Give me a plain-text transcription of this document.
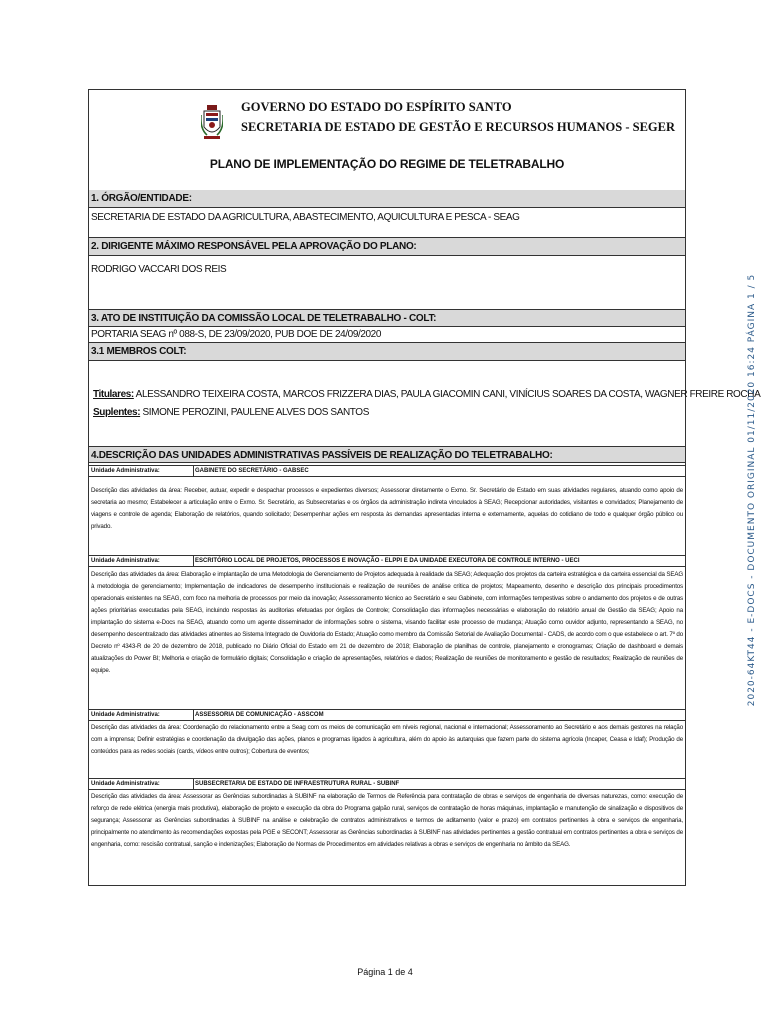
GOVERNO DO ESTADO DO ESPÍRITO SANTO
SECRETARIA DE ESTADO DE GESTÃO E RECURSOS HUMANOS - SEGER
PLANO DE IMPLEMENTAÇÃO DO REGIME DE TELETRABALHO
1. ÓRGÃO/ENTIDADE:
SECRETARIA DE ESTADO DA AGRICULTURA, ABASTECIMENTO, AQUICULTURA E PESCA - SEAG
2. DIRIGENTE MÁXIMO RESPONSÁVEL PELA APROVAÇÃO DO PLANO:
RODRIGO VACCARI DOS REIS
3. ATO DE INSTITUIÇÃO DA COMISSÃO LOCAL DE TELETRABALHO - COLT:
PORTARIA SEAG nº 088-S, DE 23/09/2020, PUB DOE DE 24/09/2020
3.1 MEMBROS COLT:
Titulares: ALESSANDRO TEIXEIRA COSTA, MARCOS FRIZZERA DIAS, PAULA GIACOMIN CANI, VINÍCIUS SOARES DA COSTA, WAGNER FREIRE ROCHA
Suplentes: SIMONE PEROZINI, PAULENE ALVES DOS SANTOS
4.DESCRIÇÃO DAS UNIDADES ADMINISTRATIVAS PASSÍVEIS DE REALIZAÇÃO DO TELETRABALHO:
Unidade Administrativa:	GABINETE DO SECRETÁRIO - GABSEC
Descrição das atividades da área: Receber, autuar, expedir e despachar processos e expedientes diversos; Assessorar diretamente o Exmo. Sr. Secretário de Estado em suas atividades regulares, atuando como apoio de secretaria ao mesmo; Estabelecer a articulação entre o Exmo. Sr. Secretário, as Subsecretarias e os órgãos da administração indireta vinculados à SEAG; Recepcionar autoridades, visitantes e convidados; Planejamento de viagens e controle de agenda; Elaboração de relatórios, quando solicitado; Desempenhar ações em resposta às demandas apresentadas interna e externamente, aquelas do cotidiano de todo e qualquer órgão público ou privado.
Unidade Administrativa:	ESCRITÓRIO LOCAL DE PROJETOS, PROCESSOS E INOVAÇÃO - ELPPI E DA UNIDADE EXECUTORA DE CONTROLE INTERNO - UECI
Descrição das atividades da área: Elaboração e implantação de uma Metodologia de Gerenciamento de Projetos adequada à realidade da SEAG; Adequação dos projetos da carteira estratégica e da carteira essencial da SEAG à metodologia de gerenciamento; Implementação de indicadores de desempenho institucionais e realização de reuniões de análise crítica de projetos; Mapeamento, desenho e descrição dos principais procedimentos operacionais existentes na SEAG, com foco na melhoria de processos por meio da inovação; Assessoramento técnico ao Secretário e seu Gabinete, com informações tempestivas sobre o andamento dos projetos e de outras ações prioritárias executadas pela SEAG, incluindo respostas às auditorias efetuadas por órgãos de Controle; Consolidação das informações necessárias e elaboração do relatório anual de Gestão da SEAG; Apoio na implantação do sistema e-Docs na SEAG, atuando como um agente disseminador de informações sobre o sistema, visando facilitar este processo de mudança; Atuação como ouvidor adjunto, representando a SEAG, no desempenho descentralizado das atividades atinentes ao Sistema Integrado de Ouvidoria do Estado; Atuação como membro da Comissão Setorial de Avaliação Documental - CADS, de acordo com o que estabelece o art. 7º do Decreto nº 4343-R de 20 de dezembro de 2018, publicado no Diário Oficial do Estado em 21 de dezembro de 2018; Elaboração de planilhas de controle, planejamento e cronogramas; Criação de dashboard e demais atualizações do Power BI; Melhoria e criação de formulário digitais; Consolidação e criação de apresentações, relatórios e dados; Realização de reuniões de monitoramento e gestão de resultados; Realização de reuniões de equipe.
Unidade Administrativa:	ASSESSORIA DE COMUNICAÇÃO - ASSCOM
Descrição das atividades da área: Coordenação do relacionamento entre a Seag com os meios de comunicação em níveis regional, nacional e internacional; Assessoramento ao Secretário e aos demais gestores na relação com a imprensa; Definir estratégias e coordenação da divulgação das ações, planos e programas ligados à agricultura, além do apoio às autarquias que fazem parte do sistema agrícola (Incaper, Ceasa e Idaf); Produção de conteúdos para as redes sociais (cards, vídeos entre outros); Cobertura de eventos;
Unidade Administrativa:	SUBSECRETARIA DE ESTADO DE INFRAESTRUTURA RURAL - SUBINF
Descrição das atividades da área: Assessorar as Gerências subordinadas à SUBINF na elaboração de Termos de Referência para contratação de obras e serviços de engenharia de diversas naturezas, como: execução de reforço de rede elétrica (energia mais produtiva), elaboração de projeto e execução da obra do Programa galpão rural, serviços de contratação de horas máquinas, implantação e manutenção de sinalização e dispositivos de segurança; Assessorar as Gerências subordinadas à SUBINF na análise e celebração de contratos administrativos e termos de aditamento (valor e prazo) em contratos pertinentes à obra e serviços de engenharia, principalmente no atendimento às recomendações expostas pela PGE e SECONT; Assessorar as Gerências subordinadas à SUBINF nas atividades pertinentes a gestão contratual em contratos pertinentes a obra e serviços de engenharia, como: rescisão contratual, sanção e indenizações; Elaboração de Normas de Procedimentos em atividades relativas a obras e serviços de engenharia no âmbito da SEAG.
Página 1 de 4
2020-64KT44 - E-DOCS - DOCUMENTO ORIGINAL 01/11/2020 16:24 PÁGINA 1 / 5
